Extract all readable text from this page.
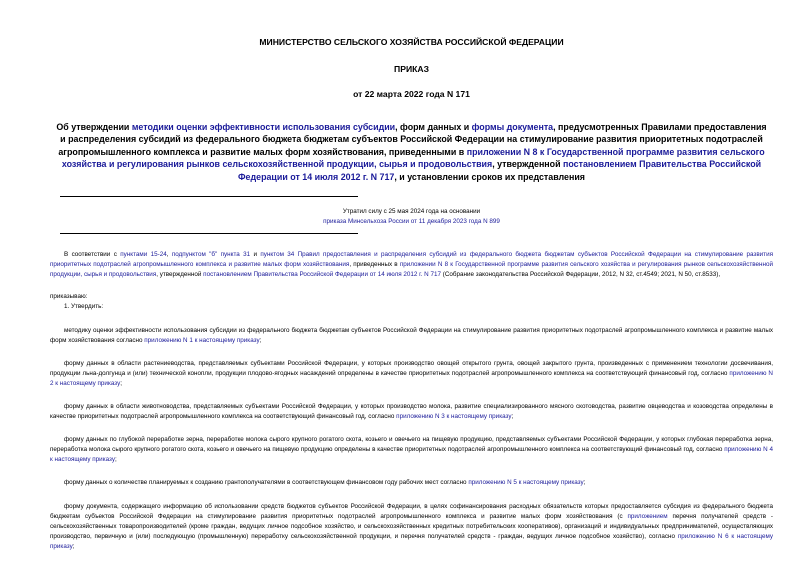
МИНИСТЕРСТВО СЕЛЬСКОГО ХОЗЯЙСТВА РОССИЙСКОЙ ФЕДЕРАЦИИ
ПРИКАЗ
от 22 марта 2022 года N 171
Об утверждении методики оценки эффективности использования субсидии, форм данных и формы документа, предусмотренных Правилами предоставления и распределения субсидий из федерального бюджета бюджетам субъектов Российской Федерации на стимулирование развития приоритетных подотраслей агропромышленного комплекса и развитие малых форм хозяйствования, приведенными в приложении N 8 к Государственной программе развития сельского хозяйства и регулирования рынков сельскохозяйственной продукции, сырья и продовольствия, утвержденной постановлением Правительства Российской Федерации от 14 июля 2012 г. N 717, и установлении сроков их представления
Утратил силу с 25 мая 2024 года на основании
приказа Минсельхоза России от 11 декабря 2023 года N 899

В соответствии с пунктами 15-24, подпунктом "б" пункта 31 и пунктом 34 Правил предоставления и распределения субсидий из федерального бюджета бюджетам субъектов Российской Федерации на стимулирование развития приоритетных подотраслей агропромышленного комплекса и развитие малых форм хозяйствования, приведенных в приложении N 8 к Государственной программе развития сельского хозяйства и регулирования рынков сельскохозяйственной продукции, сырья и продовольствия, утвержденной постановлением Правительства Российской Федерации от 14 июля 2012 г. N 717 (Собрание законодательства Российской Федерации, 2012, N 32, ст.4549; 2021, N 50, ст.8533),

приказываю:

1. Утвердить:

методику оценки эффективности использования субсидии из федерального бюджета бюджетам субъектов Российской Федерации на стимулирование развития приоритетных подотраслей агропромышленного комплекса и развитие малых форм хозяйствования согласно приложению N 1 к настоящему приказу;

форму данных в области растениеводства, представляемых субъектами Российской Федерации, у которых производство овощей открытого грунта, овощей закрытого грунта, произведенных с применением технологии досвечивания, продукции льна-долгунца и (или) технической конопли, продукции плодово-ягодных насаждений определены в качестве приоритетных подотраслей агропромышленного комплекса на соответствующий финансовый год, согласно приложению N 2 к настоящему приказу;

форму данных в области животноводства, представляемых субъектами Российской Федерации, у которых производство молока, развитие специализированного мясного скотоводства, развитие овцеводства и козоводства определены в качестве приоритетных подотраслей агропромышленного комплекса на соответствующий финансовый год, согласно приложению N 3 к настоящему приказу;

форму данных по глубокой переработке зерна, переработке молока сырого крупного рогатого скота, козьего и овечьего на пищевую продукцию, представляемых субъектами Российской Федерации, у которых глубокая переработка зерна, переработка молока сырого крупного рогатого скота, козьего и овечьего на пищевую продукцию определены в качестве приоритетных подотраслей агропромышленного комплекса на соответствующий финансовый год, согласно приложению N 4 к настоящему приказу;

форму данных о количестве планируемых к созданию грантополучателями в соответствующем финансовом году рабочих мест согласно приложению N 5 к настоящему приказу;

форму документа, содержащего информацию об использовании средств бюджетов субъектов Российской Федерации, в целях софинансирования расходных обязательств которых предоставляется субсидия из федерального бюджета бюджетам субъектов Российской Федерации на стимулирование развития приоритетных подотраслей агропромышленного комплекса и развитие малых форм хозяйствования (с приложением перечня получателей средств - сельскохозяйственных товаропроизводителей (кроме граждан, ведущих личное подсобное хозяйство, и сельскохозяйственных кредитных потребительских кооперативов), организаций и индивидуальных предпринимателей, осуществляющих производство, первичную и (или) последующую (промышленную) переработку сельскохозяйственной продукции, и перечня получателей средств - граждан, ведущих личное подсобное хозяйство), согласно приложению N 6 к настоящему приказу;
